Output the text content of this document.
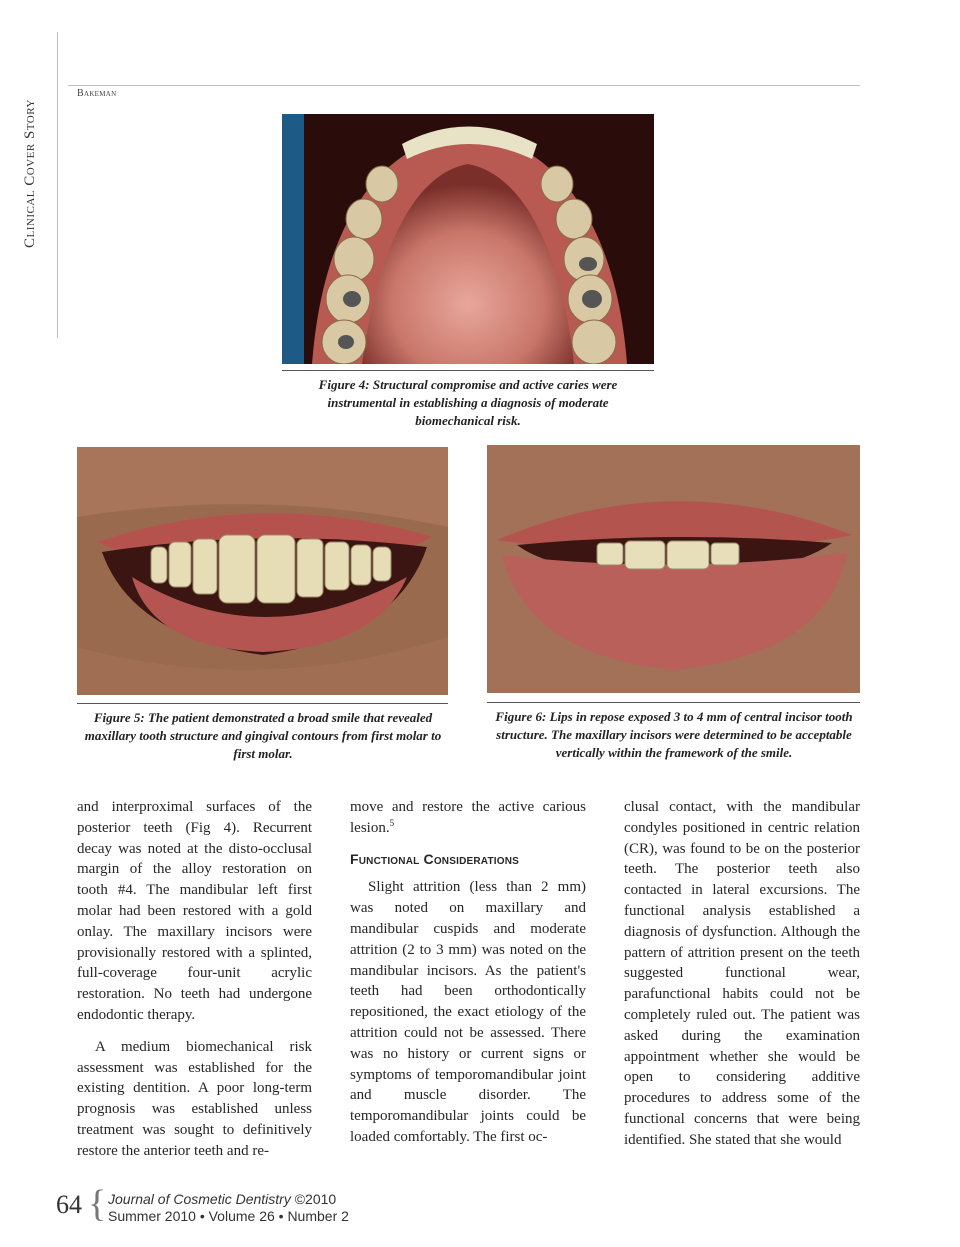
Clinical Cover Story
Bakeman
Figure 4: Structural compromise and active caries were instrumental in establishing a diagnosis of moderate biomechanical risk.
Figure 5: The patient demonstrated a broad smile that revealed maxillary tooth structure and gingival contours from first molar to first molar.
Figure 6: Lips in repose exposed 3 to 4 mm of central incisor tooth structure. The maxillary incisors were determined to be acceptable vertically within the framework of the smile.

and interproximal surfaces of the posterior teeth (Fig 4). Recurrent decay was noted at the disto-occlusal margin of the alloy restoration on tooth #4. The mandibular left first molar had been restored with a gold onlay. The maxillary incisors were provisionally restored with a splinted, full-coverage four-unit acrylic restoration. No teeth had undergone endodontic therapy.

A medium biomechanical risk assessment was established for the existing dentition. A poor long-term prognosis was established unless treatment was sought to definitively restore the anterior teeth and re-

move and restore the active carious lesion.$^5$

Functional Considerations

Slight attrition (less than 2 mm) was noted on maxillary and mandibular cuspids and moderate attrition (2 to 3 mm) was noted on the mandibular incisors. As the patient's teeth had been orthodontically repositioned, the exact etiology of the attrition could not be assessed. There was no history or current signs or symptoms of temporomandibular joint and muscle disorder. The temporomandibular joints could be loaded comfortably. The first oc-

clusal contact, with the mandibular condyles positioned in centric relation (CR), was found to be on the posterior teeth. The posterior teeth also contacted in lateral excursions. The functional analysis established a diagnosis of dysfunction. Although the pattern of attrition present on the teeth suggested functional wear, parafunctional habits could not be completely ruled out. The patient was asked during the examination appointment whether she would be open to considering additive procedures to address some of the functional concerns that were being identified. She stated that she would

64 { Journal of Cosmetic Dentistry ©2010
Summer 2010 • Volume 26 • Number 2
